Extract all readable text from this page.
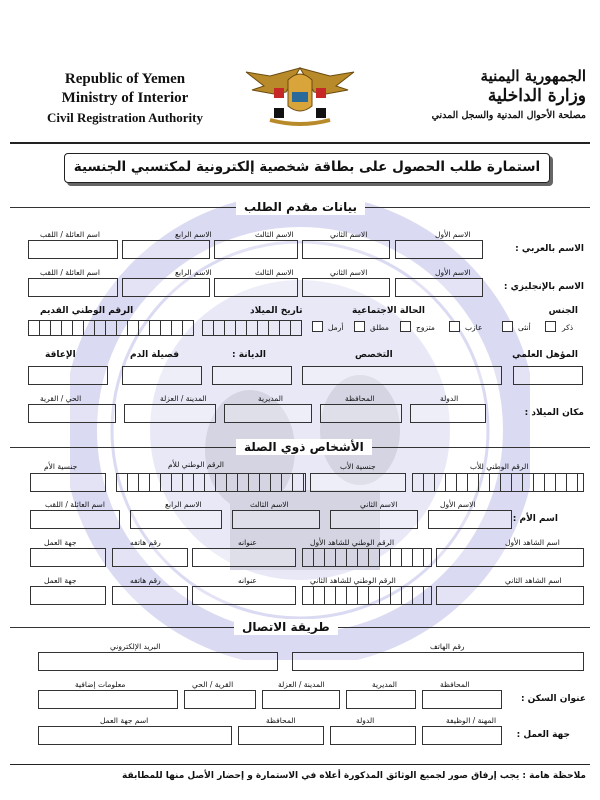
Republic of Yemen
Ministry of Interior
Civil Registration Authority
الجمهورية اليمنية
وزارة الداخلية
مصلحة الأحوال المدنية والسجل المدني
استمارة طلب الحصول على بطاقة شخصية إلكترونية لمكتسبي الجنسية
بيانات مقدم الطلب
الاسم الأول
الاسم الثاني
الاسم الثالث
الاسم الرابع
اسم العائلة / اللقب
الاسم بالعربي :
الاسم الأول
الاسم الثاني
الاسم الثالث
الاسم الرابع
اسم العائلة / اللقب
الاسم بالإنجليزي :
الجنس
ذكر
أنثى
الحالة الاجتماعية
عازب
متزوج
مطلق
أرمل
تاريخ الميلاد
الرقم الوطني القديم
المؤهل العلمي
التخصص
الديانة :
فصيلة الدم
الإعاقة
الدولة
المحافظة
المديرية
المدينة / العزلة
الحي / القرية
مكان الميلاد :
الأشخاص ذوي الصلة
الرقم الوطني للأب
جنسية الأب
الرقم الوطني للأم
جنسية الأم
الاسم الأول
الاسم الثاني
الاسم الثالث
الاسم الرابع
اسم العائلة / اللقب
اسم الأم :
اسم الشاهد الأول
الرقم الوطني للشاهد الأول
عنوانه
رقم هاتفه
جهة العمل
اسم الشاهد الثاني
الرقم الوطني للشاهد الثاني
عنوانه
رقم هاتفه
جهة العمل
طريقة الاتصال
رقم الهاتف
البريد الإلكتروني
المحافظة
المديرية
المدينة / العزلة
القرية / الحي
معلومات إضافية
عنوان السكن :
المهنة / الوظيفة
الدولة
المحافظة
اسم جهة العمل
جهة العمل :
ملاحظة هامة : يجب إرفاق صور لجميع الوثائق المذكورة أعلاه في الاستمارة و إحضار الأصل منها للمطابقة
